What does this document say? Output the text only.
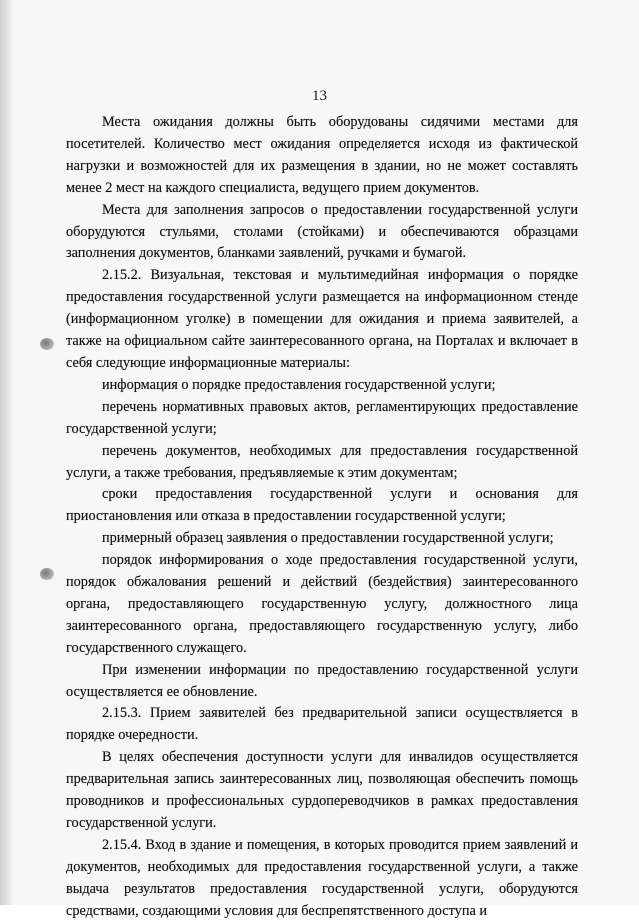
13

Места ожидания должны быть оборудованы сидячими местами для посетителей. Количество мест ожидания определяется исходя из фактической нагрузки и возможностей для их размещения в здании, но не может составлять менее 2 мест на каждого специалиста, ведущего прием документов.

Места для заполнения запросов о предоставлении государственной услуги оборудуются стульями, столами (стойками) и обеспечиваются образцами заполнения документов, бланками заявлений, ручками и бумагой.

2.15.2. Визуальная, текстовая и мультимедийная информация о порядке предоставления государственной услуги размещается на информационном стенде (информационном уголке) в помещении для ожидания и приема заявителей, а также на официальном сайте заинтересованного органа, на Порталах и включает в себя следующие информационные материалы:

информация о порядке предоставления государственной услуги;

перечень нормативных правовых актов, регламентирующих предоставление государственной услуги;

перечень документов, необходимых для предоставления государственной услуги, а также требования, предъявляемые к этим документам;

сроки предоставления государственной услуги и основания для приостановления или отказа в предоставлении государственной услуги;

примерный образец заявления о предоставлении государственной услуги;

порядок информирования о ходе предоставления государственной услуги, порядок обжалования решений и действий (бездействия) заинтересованного органа, предоставляющего государственную услугу, должностного лица заинтересованного органа, предоставляющего государственную услугу, либо государственного служащего.

При изменении информации по предоставлению государственной услуги осуществляется ее обновление.

2.15.3. Прием заявителей без предварительной записи осуществляется в порядке очередности.

В целях обеспечения доступности услуги для инвалидов осуществляется предварительная запись заинтересованных лиц, позволяющая обеспечить помощь проводников и профессиональных сурдопереводчиков в рамках предоставления государственной услуги.

2.15.4. Вход в здание и помещения, в которых проводится прием заявлений и документов, необходимых для предоставления государственной услуги, а также выдача результатов предоставления государственной услуги, оборудуются средствами, создающими условия для беспрепятственного доступа и
